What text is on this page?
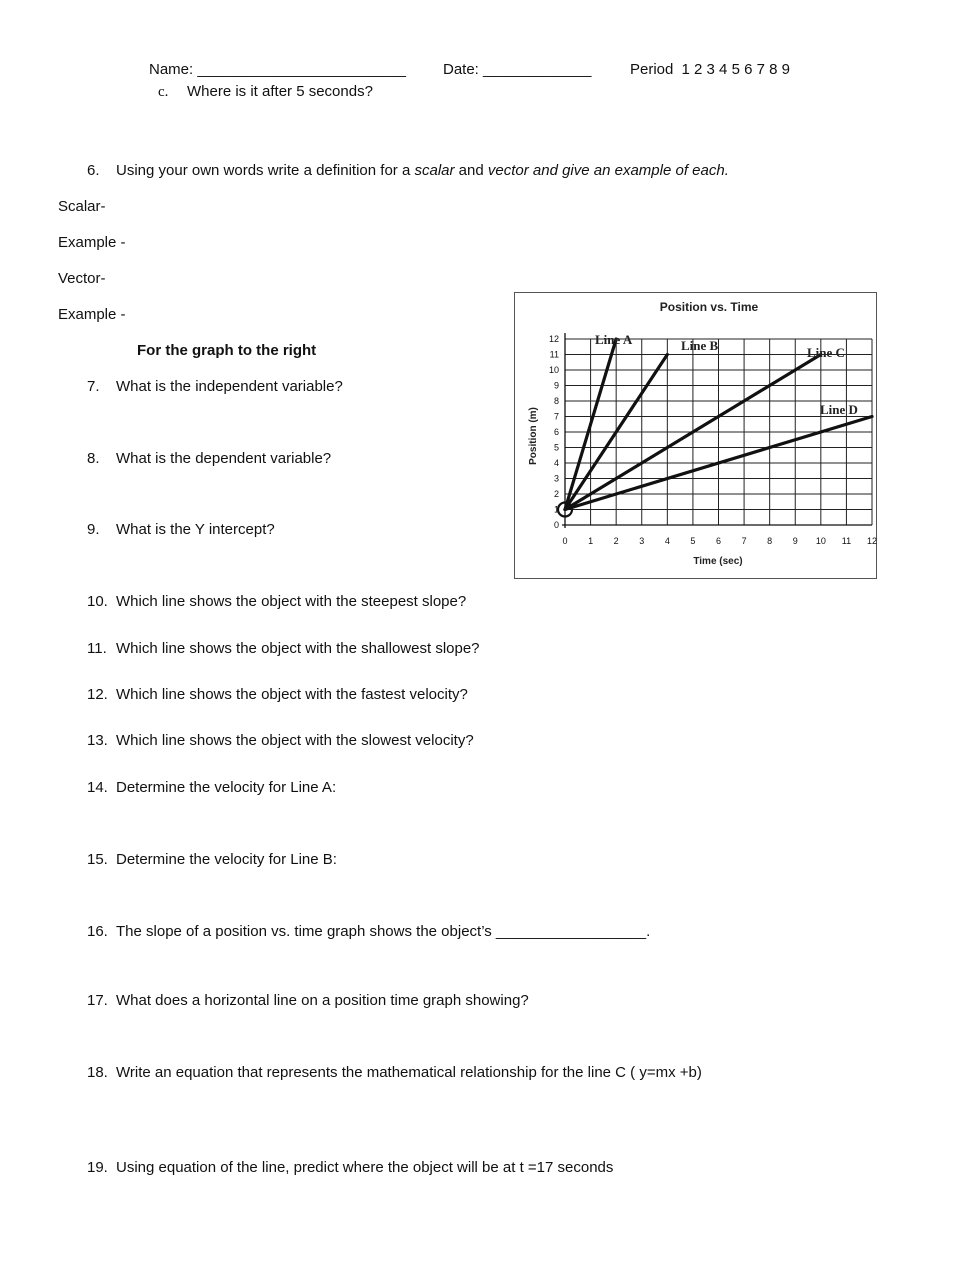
Name: _________________________ Date: _____________	Period 1 2 3 4 5 6 7 8 9
c. Where is it after 5 seconds?
6. Using your own words write a definition for a scalar and vector and give an example of each.
Scalar-
Example -
Vector-
Example -
For the graph to the right
7. What is the independent variable?
8. What is the dependent variable?
9. What is the Y intercept?
10. Which line shows the object with the steepest slope?
11. Which line shows the object with the shallowest slope?
12. Which line shows the object with the fastest velocity?
13. Which line shows the object with the slowest velocity?
14. Determine the velocity for Line A:
15. Determine the velocity for Line B:
16. The slope of a position vs. time graph shows the object’s __________________.
17. What does a horizontal line on a position time graph showing?
18. Write an equation that represents the mathematical relationship for the line C ( y=mx +b)
19. Using equation of the line, predict where the object will be at t =17 seconds
Position vs. Time
Time (sec)
Position (m)
0 1 2 3 4 5 6 7 8 9 10 11 12
0
1
2
3
4
5
6
7
8
9
10
11
12	Line A	Line B	Line C
Line D
